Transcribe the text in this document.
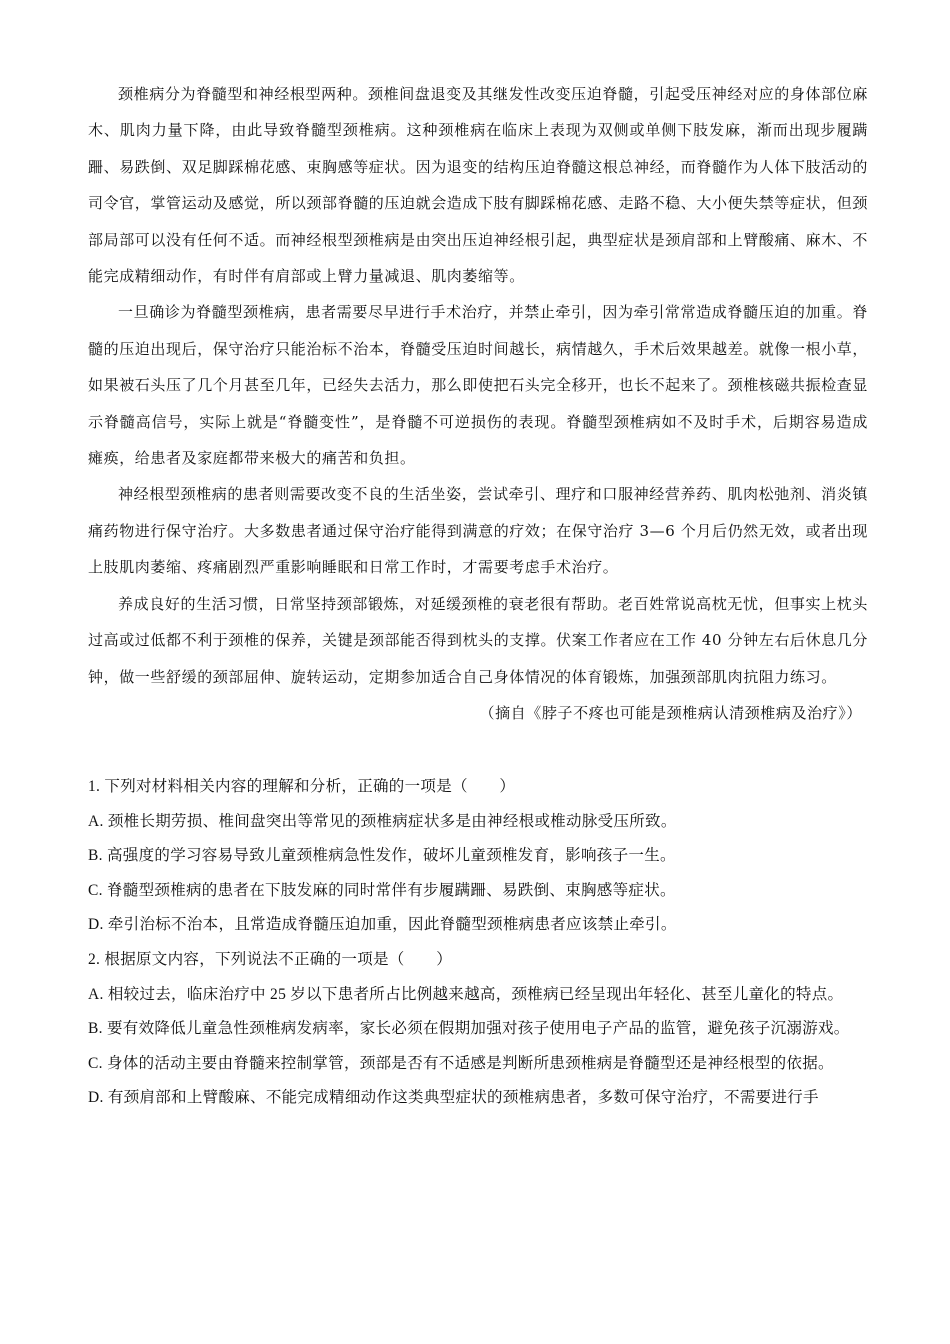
颈椎病分为脊髓型和神经根型两种。颈椎间盘退变及其继发性改变压迫脊髓，引起受压神经对应的身体部位麻木、肌肉力量下降，由此导致脊髓型颈椎病。这种颈椎病在临床上表现为双侧或单侧下肢发麻，渐而出现步履蹒跚、易跌倒、双足脚踩棉花感、束胸感等症状。因为退变的结构压迫脊髓这根总神经，而脊髓作为人体下肢活动的司令官，掌管运动及感觉，所以颈部脊髓的压迫就会造成下肢有脚踩棉花感、走路不稳、大小便失禁等症状，但颈部局部可以没有任何不适。而神经根型颈椎病是由突出压迫神经根引起，典型症状是颈肩部和上臂酸痛、麻木、不能完成精细动作，有时伴有肩部或上臂力量减退、肌肉萎缩等。

一旦确诊为脊髓型颈椎病，患者需要尽早进行手术治疗，并禁止牵引，因为牵引常常造成脊髓压迫的加重。脊髓的压迫出现后，保守治疗只能治标不治本，脊髓受压迫时间越长，病情越久，手术后效果越差。就像一根小草，如果被石头压了几个月甚至几年，已经失去活力，那么即使把石头完全移开，也长不起来了。颈椎核磁共振检查显示脊髓高信号，实际上就是“脊髓变性”，是脊髓不可逆损伤的表现。脊髓型颈椎病如不及时手术，后期容易造成瘫痪，给患者及家庭都带来极大的痛苦和负担。

神经根型颈椎病的患者则需要改变不良的生活坐姿，尝试牵引、理疗和口服神经营养药、肌肉松弛剂、消炎镇痛药物进行保守治疗。大多数患者通过保守治疗能得到满意的疗效；在保守治疗 3—6 个月后仍然无效，或者出现上肢肌肉萎缩、疼痛剧烈严重影响睡眠和日常工作时，才需要考虑手术治疗。

养成良好的生活习惯，日常坚持颈部锻炼，对延缓颈椎的衰老很有帮助。老百姓常说高枕无忧，但事实上枕头过高或过低都不利于颈椎的保养，关键是颈部能否得到枕头的支撑。伏案工作者应在工作 40 分钟左右后休息几分钟，做一些舒缓的颈部屈伸、旋转运动，定期参加适合自己身体情况的体育锻炼，加强颈部肌肉抗阻力练习。

（摘自《脖子不疼也可能是颈椎病认清颈椎病及治疗》）

1. 下列对材料相关内容的理解和分析，正确的一项是（　　）

A. 颈椎长期劳损、椎间盘突出等常见的颈椎病症状多是由神经根或椎动脉受压所致。

B. 高强度的学习容易导致儿童颈椎病急性发作，破坏儿童颈椎发育，影响孩子一生。

C. 脊髓型颈椎病的患者在下肢发麻的同时常伴有步履蹒跚、易跌倒、束胸感等症状。

D. 牵引治标不治本，且常造成脊髓压迫加重，因此脊髓型颈椎病患者应该禁止牵引。

2. 根据原文内容，下列说法不正确的一项是（　　）

A. 相较过去，临床治疗中 25 岁以下患者所占比例越来越高，颈椎病已经呈现出年轻化、甚至儿童化的特点。

B. 要有效降低儿童急性颈椎病发病率，家长必须在假期加强对孩子使用电子产品的监管，避免孩子沉溺游戏。

C. 身体的活动主要由脊髓来控制掌管，颈部是否有不适感是判断所患颈椎病是脊髓型还是神经根型的依据。

D. 有颈肩部和上臂酸麻、不能完成精细动作这类典型症状的颈椎病患者，多数可保守治疗，不需要进行手
